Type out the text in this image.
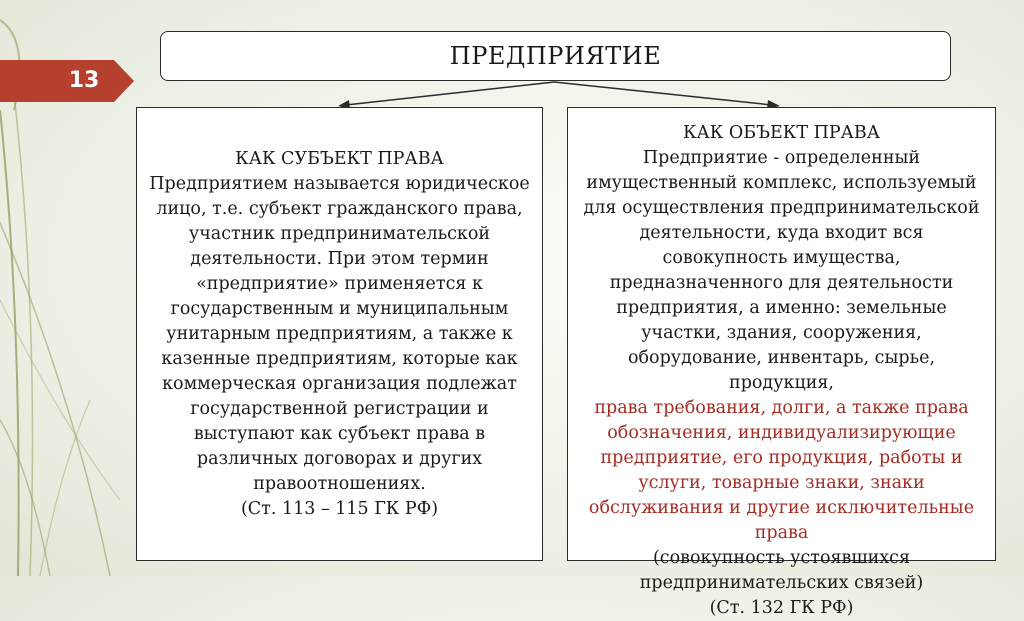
13
ПРЕДПРИЯТИЕ

КАК СУБЪЕКТ ПРАВА

Предприятием называется юридическое лицо, т.е. субъект гражданского права, участник предпринимательской деятельности. При этом термин «предприятие» применяется к государственным и муниципальным унитарным предприятиям, а также к казенные предприятиям, которые как коммерческая организация подлежат государственной регистрации и выступают как субъект права в различных договорах и других правоотношениях.

(Ст. 113 – 115 ГК РФ)

КАК ОБЪЕКТ ПРАВА

Предприятие - определенный имущественный комплекс, используемый для осуществления предпринимательской деятельности, куда входит вся совокупность имущества, предназначенного для деятельности предприятия, а именно: земельные участки, здания, сооружения, оборудование, инвентарь, сырье, продукция,

права требования, долги, а также права обозначения, индивидуализирующие предприятие, его продукция, работы и услуги, товарные знаки, знаки обслуживания и другие исключительные права

(совокупность устоявшихся предпринимательских связей)

(Ст. 132 ГК РФ)
